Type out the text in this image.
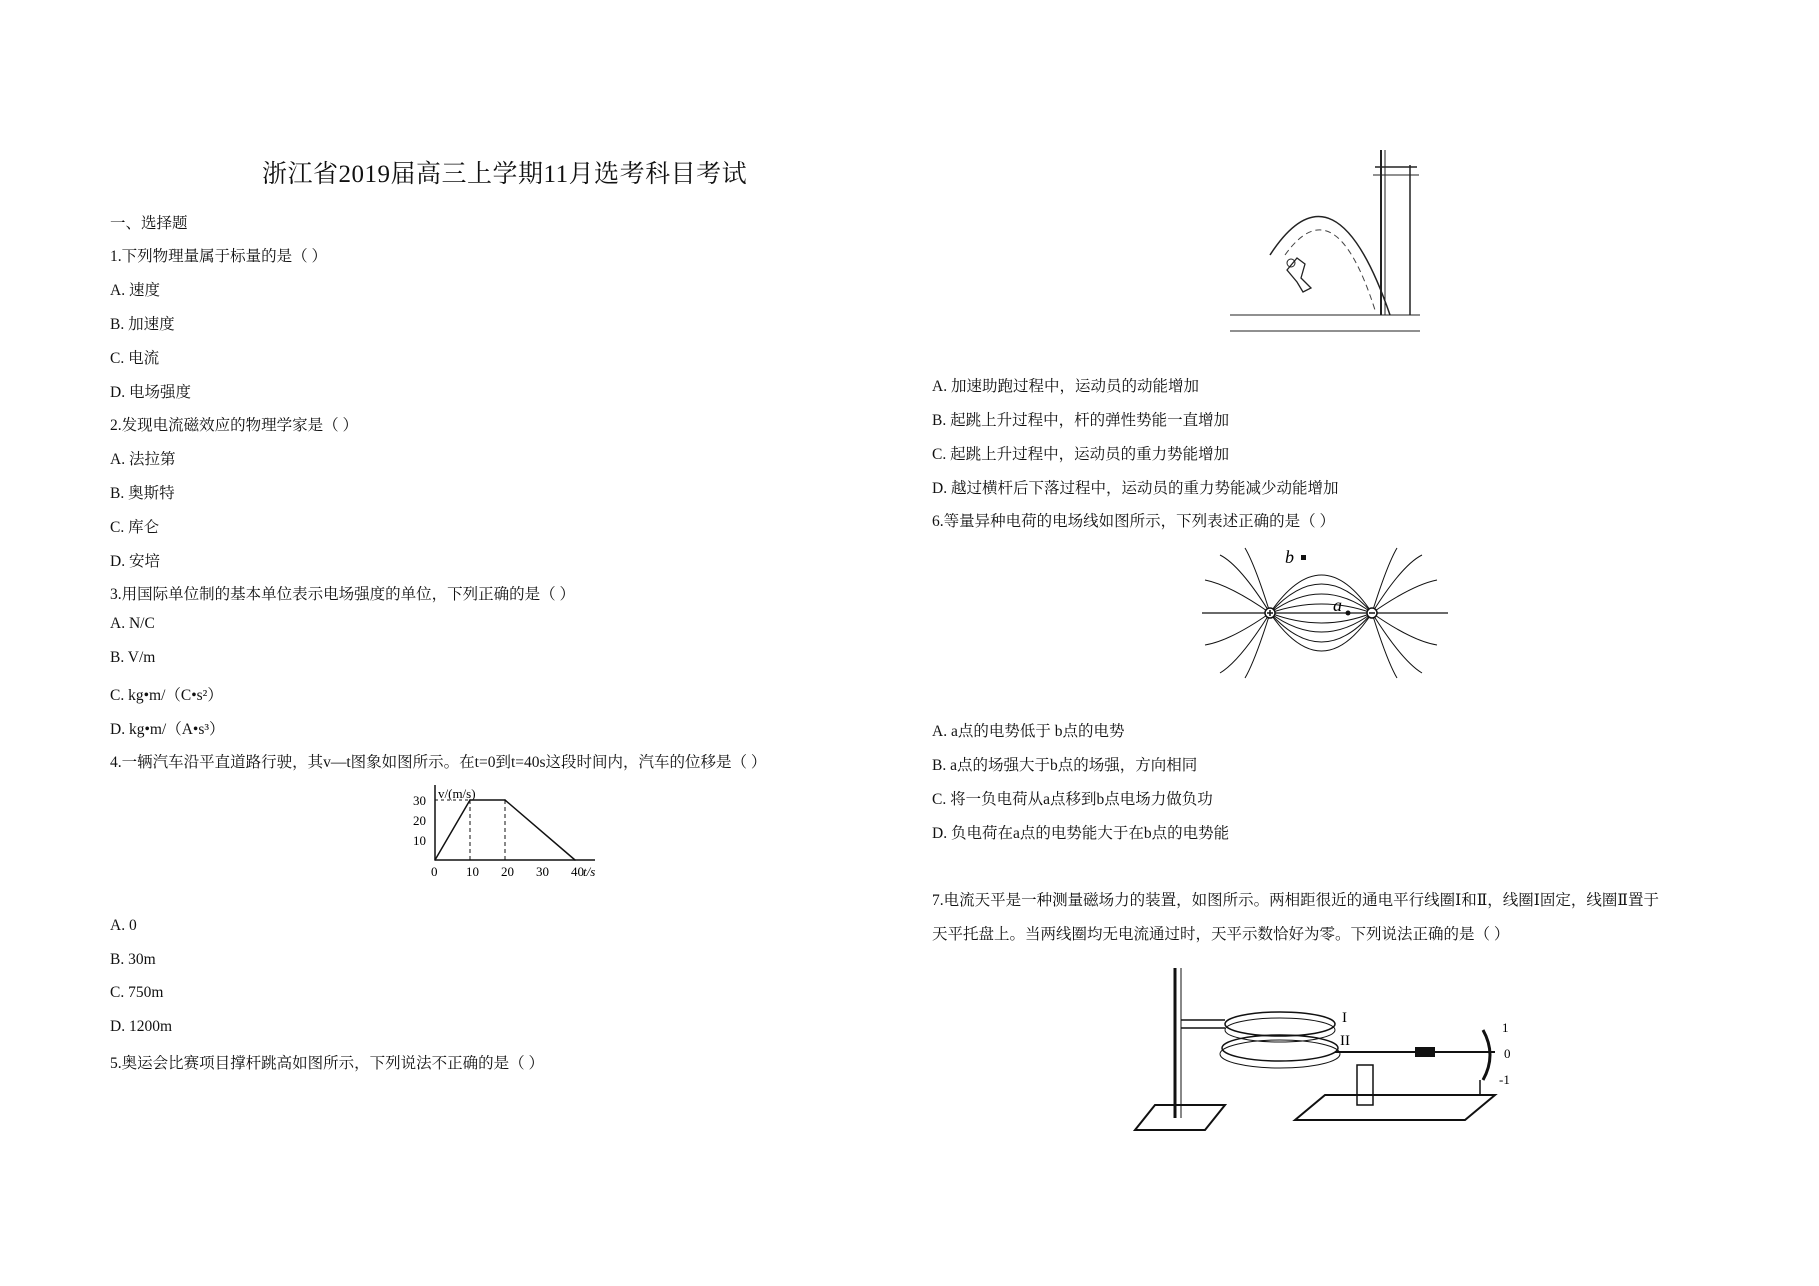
浙江省2019届高三上学期11月选考科目考试
一、选择题
1.下列物理量属于标量的是（ ）
A. 速度
B. 加速度
C. 电流
D. 电场强度
2.发现电流磁效应的物理学家是（ ）
A. 法拉第
B. 奥斯特
C. 库仑
D. 安培
3.用国际单位制的基本单位表示电场强度的单位，下列正确的是（ ）
A. N/C
B. V/m
C. kg•m/（C•s²）
D. kg•m/（A•s³）
4.一辆汽车沿平直道路行驶，其v—t图象如图所示。在t=0到t=40s这段时间内，汽车的位移是（ ）
0 10 20 30 40
10
20
30 v/(m/s)
t/s
A. 0
B. 30m
C. 750m
D. 1200m
5.奥运会比赛项目撑杆跳高如图所示，下列说法不正确的是（ ）
A. 加速助跑过程中，运动员的动能增加
B. 起跳上升过程中，杆的弹性势能一直增加
C. 起跳上升过程中，运动员的重力势能增加
D. 越过横杆后下落过程中，运动员的重力势能减少动能增加
6.等量异种电荷的电场线如图所示，下列表述正确的是（ ）
b
a
A. a点的电势低于 b点的电势
B. a点的场强大于b点的场强，方向相同
C. 将一负电荷从a点移到b点电场力做负功
D. 负电荷在a点的电势能大于在b点的电势能
7.电流天平是一种测量磁场力的装置，如图所示。两相距很近的通电平行线圈Ⅰ和Ⅱ，线圈Ⅰ固定，线圈Ⅱ置于
天平托盘上。当两线圈均无电流通过时，天平示数恰好为零。下列说法正确的是（ ）
I
II
1
0
-1
